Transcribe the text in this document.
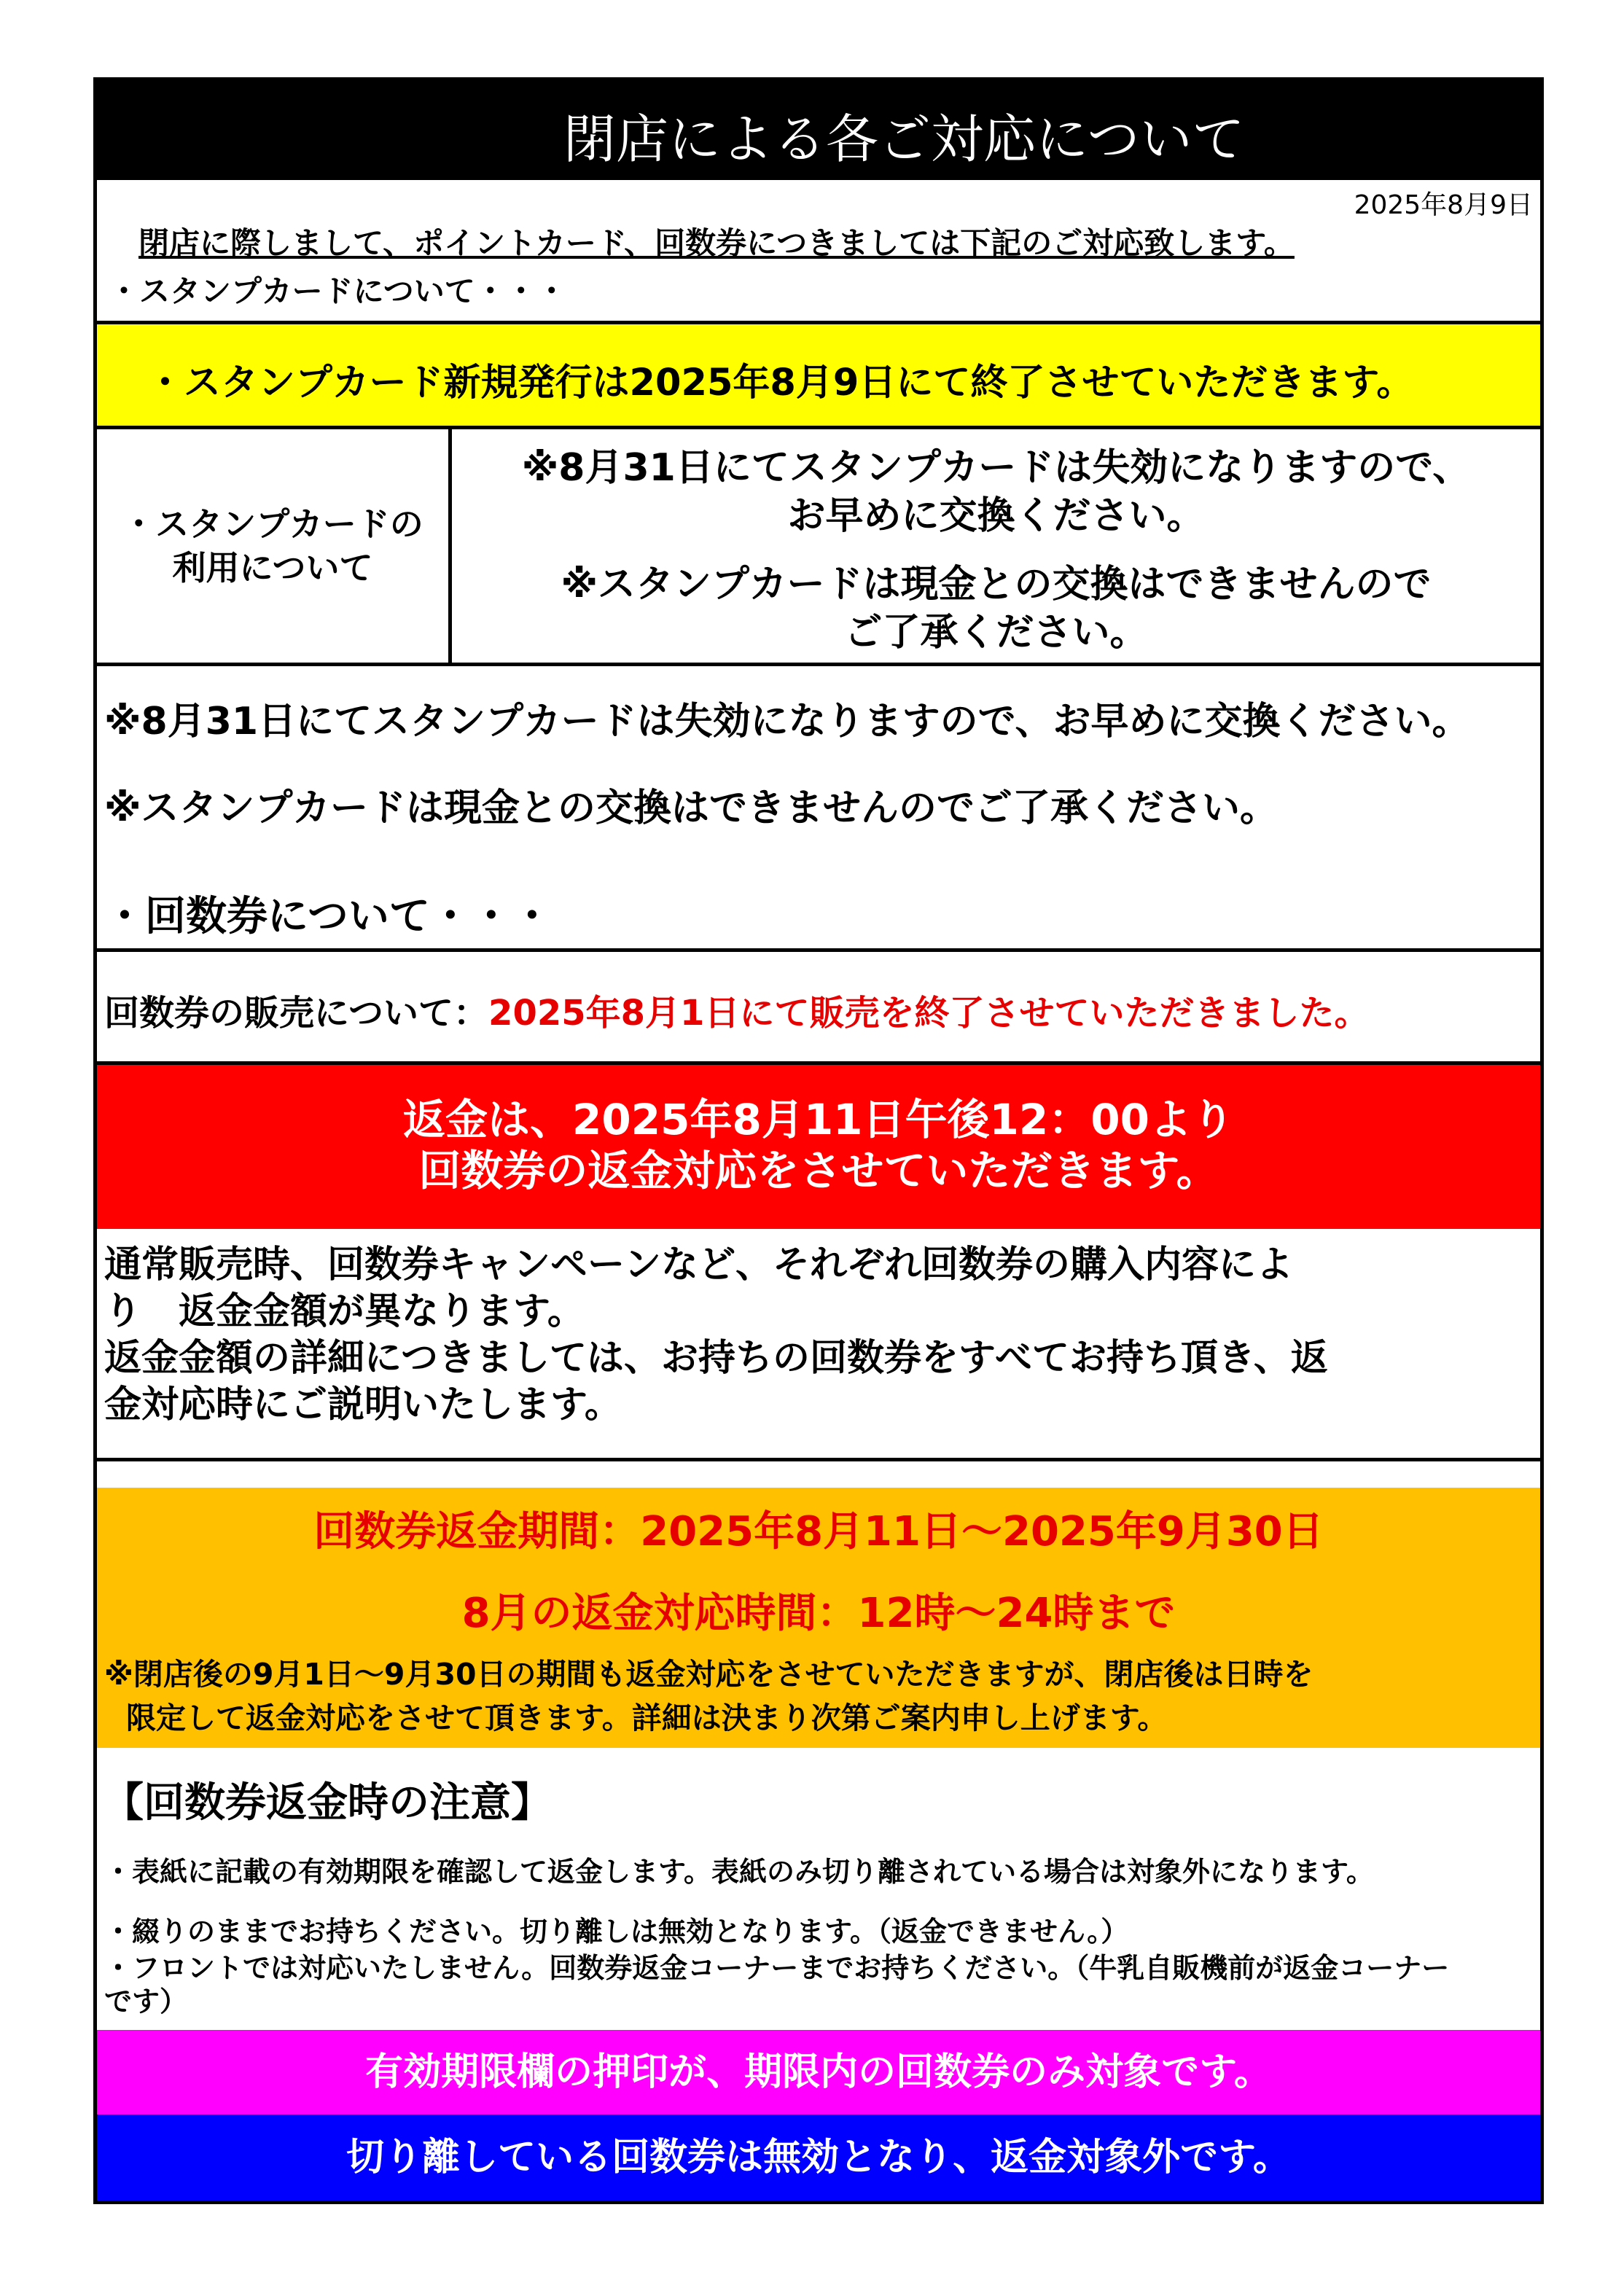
閉店による各ご対応について
2025年8月9日
閉店に際しまして、ポイントカード、回数券につきましては下記のご対応致します。
・スタンプカードについて・・・
・スタンプカード新規発行は2025年8月9日にて終了させていただきます。
・スタンプカードの
利用について
※8月31日にてスタンプカードは失効になりますので、
お早めに交換ください。
※スタンプカードは現金との交換はできませんので
ご了承ください。
※8月31日にてスタンプカードは失効になりますので、お早めに交換ください。
※スタンプカードは現金との交換はできませんのでご了承ください。
・回数券について・・・
回数券の販売について：2025年8月1日にて販売を終了させていただきました。
返金は、2025年8月11日午後12：00より
回数券の返金対応をさせていただきます。
通常販売時、回数券キャンペーンなど、それぞれ回数券の購入内容によ
り　返金金額が異なります。
返金金額の詳細につきましては、お持ちの回数券をすべてお持ち頂き、返
金対応時にご説明いたします。
回数券返金期間：2025年8月11日～2025年9月30日
8月の返金対応時間：12時～24時まで
※閉店後の9月1日～9月30日の期間も返金対応をさせていただきますが、閉店後は日時を
限定して返金対応をさせて頂きます。詳細は決まり次第ご案内申し上げます。
【回数券返金時の注意】
・表紙に記載の有効期限を確認して返金します。表紙のみ切り離されている場合は対象外になります。
・綴りのままでお持ちください。切り離しは無効となります。（返金できません。）
・フロントでは対応いたしません。回数券返金コーナーまでお持ちください。（牛乳自販機前が返金コーナー
です）
有効期限欄の押印が、期限内の回数券のみ対象です。
切り離している回数券は無効となり、返金対象外です。
